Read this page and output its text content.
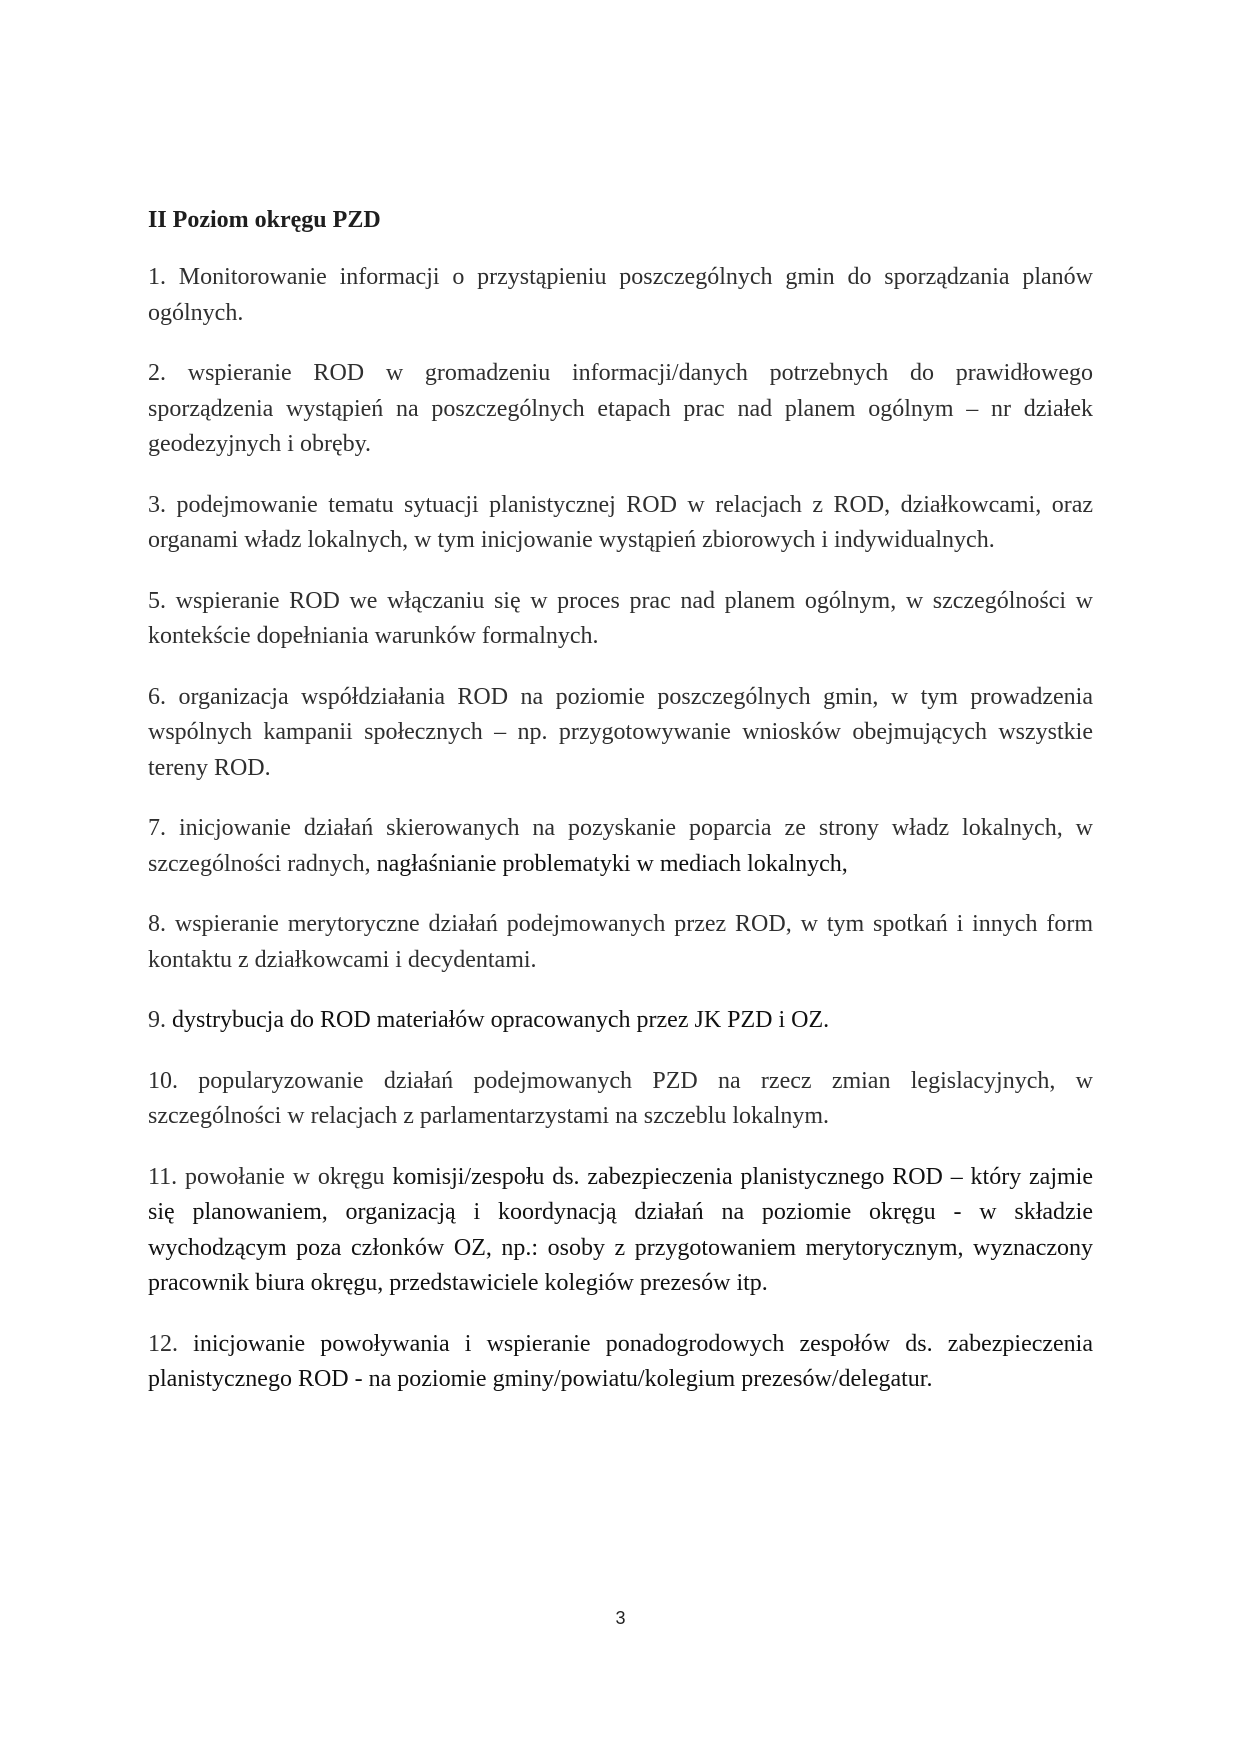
II Poziom okręgu PZD

1. Monitorowanie informacji o przystąpieniu poszczególnych gmin do sporządzania planów ogólnych.

2. wspieranie ROD w gromadzeniu informacji/danych potrzebnych do prawidłowego sporządzenia wystąpień na poszczególnych etapach prac nad planem ogólnym – nr działek geodezyjnych i obręby.

3. podejmowanie tematu sytuacji planistycznej ROD w relacjach z ROD, działkowcami, oraz organami władz lokalnych, w tym inicjowanie wystąpień zbiorowych i indywidualnych.

5. wspieranie ROD we włączaniu się w proces prac nad planem ogólnym, w szczególności w kontekście dopełniania warunków formalnych.

6. organizacja współdziałania ROD na poziomie poszczególnych gmin, w tym prowadzenia wspólnych kampanii społecznych – np. przygotowywanie wniosków obejmujących wszystkie tereny ROD.

7. inicjowanie działań skierowanych na pozyskanie poparcia ze strony władz lokalnych, w szczególności radnych, nagłaśnianie problematyki w mediach lokalnych,

8. wspieranie merytoryczne działań podejmowanych przez ROD, w tym spotkań i innych form kontaktu z działkowcami i decydentami.

9. dystrybucja do ROD materiałów opracowanych przez JK PZD i OZ.

10. popularyzowanie działań podejmowanych PZD na rzecz zmian legislacyjnych, w szczególności w relacjach z parlamentarzystami na szczeblu lokalnym.

11. powołanie w okręgu komisji/zespołu ds. zabezpieczenia planistycznego ROD – który zajmie się planowaniem, organizacją i koordynacją działań na poziomie okręgu - w składzie wychodzącym poza członków OZ, np.: osoby z przygotowaniem merytorycznym, wyznaczony pracownik biura okręgu, przedstawiciele kolegiów prezesów itp.

12. inicjowanie powoływania i wspieranie ponadogrodowych zespołów ds. zabezpieczenia planistycznego ROD - na poziomie gminy/powiatu/kolegium prezesów/delegatur.

3
